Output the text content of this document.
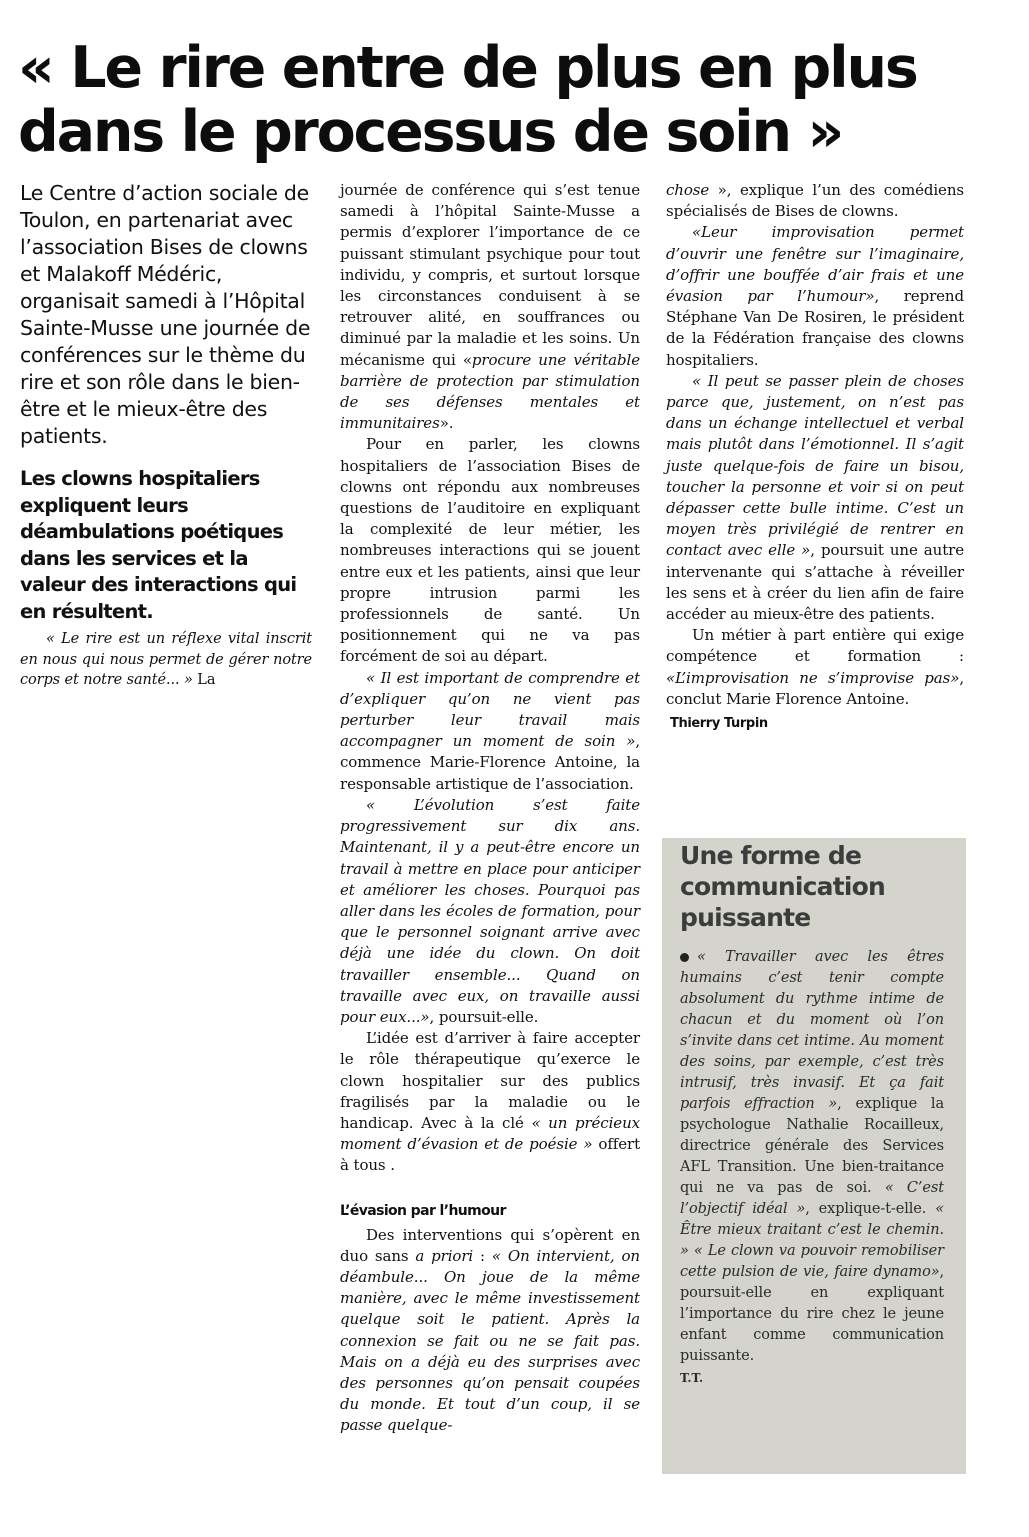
« Le rire entre de plus en plus
dans le processus de soin »
Le Centre d’action sociale de Toulon, en partenariat avec l’association Bises de clowns et Malakoff Médéric, organisait samedi à l’Hôpital Sainte-Musse une journée de conférences sur le thème du rire et son rôle dans le bien-être et le mieux-être des patients.
Les clowns hospitaliers expliquent leurs déambulations poétiques dans les services et la valeur des interactions qui en résultent.

« Le rire est un réflexe vital inscrit en nous qui nous permet de gérer notre corps et notre santé... » La

journée de conférence qui s’est tenue samedi à l’hôpital Sainte-Musse a permis d’explorer l’importance de ce puissant stimulant psychique pour tout individu, y compris, et surtout lorsque les circonstances conduisent à se retrouver alité, en souffrances ou diminué par la maladie et les soins. Un mécanisme qui «procure une véritable barrière de protection par stimulation de ses défenses mentales et immunitaires».

Pour en parler, les clowns hospitaliers de l’association Bises de clowns ont répondu aux nombreuses questions de l’auditoire en expliquant la complexité de leur métier, les nombreuses interactions qui se jouent entre eux et les patients, ainsi que leur propre intrusion parmi les professionnels de santé. Un positionnement qui ne va pas forcément de soi au départ.

« Il est important de comprendre et d’expliquer qu’on ne vient pas perturber leur travail mais accompagner un moment de soin », commence Marie-Florence Antoine, la responsable artistique de l’association.

« L’évolution s’est faite progressivement sur dix ans. Maintenant, il y a peut-être encore un travail à mettre en place pour anticiper et améliorer les choses. Pourquoi pas aller dans les écoles de formation, pour que le personnel soignant arrive avec déjà une idée du clown. On doit travailler ensemble... Quand on travaille avec eux, on travaille aussi pour eux...», poursuit-elle.

L’idée est d’arriver à faire accepter le rôle thérapeutique qu’exerce le clown hospitalier sur des publics fragilisés par la maladie ou le handicap. Avec à la clé « un précieux moment d’évasion et de poésie » offert à tous .

L’évasion par l’humour

Des interventions qui s’opèrent en duo sans a priori : « On intervient, on déambule... On joue de la même manière, avec le même investissement quelque soit le patient. Après la connexion se fait ou ne se fait pas. Mais on a déjà eu des surprises avec des personnes qu’on pensait coupées du monde. Et tout d’un coup, il se passe quelque-

chose », explique l’un des comédiens spécialisés de Bises de clowns.

«Leur improvisation permet d’ouvrir une fenêtre sur l’imaginaire, d’offrir une bouffée d’air frais et une évasion par l’humour», reprend Stéphane Van De Rosiren, le président de la Fédération française des clowns hospitaliers.

« Il peut se passer plein de choses parce que, justement, on n’est pas dans un échange intellectuel et verbal mais plutôt dans l’émotionnel. Il s’agit juste quelque-fois de faire un bisou, toucher la personne et voir si on peut dépasser cette bulle intime. C’est un moyen très privilégié de rentrer en contact avec elle », poursuit une autre intervenante qui s’attache à réveiller les sens et à créer du lien afin de faire accéder au mieux-être des patients.

Un métier à part entière qui exige compétence et formation : «L’improvisation ne s’improvise pas», conclut Marie Florence Antoine.

Thierry Turpin
Une forme de communication puissante

« Travailler avec les êtres humains c’est tenir compte absolument du rythme intime de chacun et du moment où l’on s’invite dans cet intime. Au moment des soins, par exemple, c’est très intrusif, très invasif. Et ça fait parfois effraction », explique la psychologue Nathalie Rocailleux, directrice générale des Services AFL Transition. Une bien-traitance qui ne va pas de soi. « C’est l’objectif idéal », explique-t-elle. « Être mieux traitant c’est le chemin. » « Le clown va pouvoir remobiliser cette pulsion de vie, faire dynamo», poursuit-elle en expliquant l’importance du rire chez le jeune enfant comme communication puissante.

T.T.
